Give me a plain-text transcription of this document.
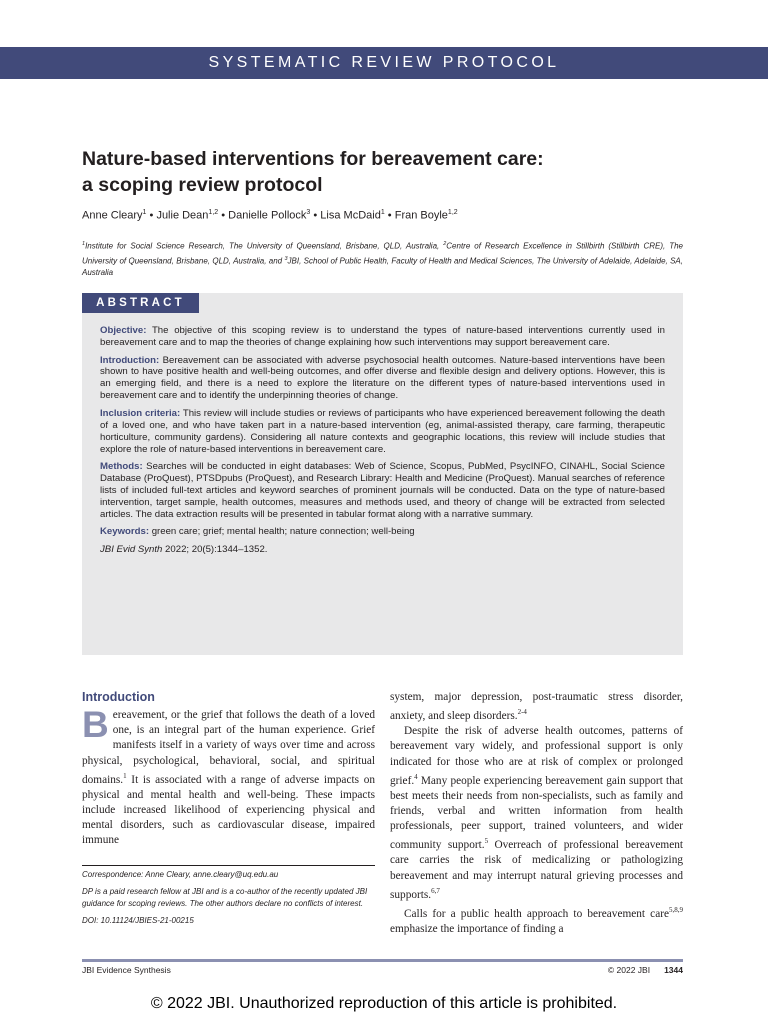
SYSTEMATIC REVIEW PROTOCOL
Nature-based interventions for bereavement care:
a scoping review protocol
Anne Cleary$^1$ • Julie Dean$^{1,2}$ • Danielle Pollock$^3$ • Lisa McDaid$^1$ • Fran Boyle$^{1,2}$
$^1$Institute for Social Science Research, The University of Queensland, Brisbane, QLD, Australia, $^2$Centre of Research Excellence in Stillbirth (Stillbirth CRE), The University of Queensland, Brisbane, QLD, Australia, and $^3$JBI, School of Public Health, Faculty of Health and Medical Sciences, The University of Adelaide, Adelaide, SA, Australia
ABSTRACT

Objective: The objective of this scoping review is to understand the types of nature-based interventions currently used in bereavement care and to map the theories of change explaining how such interventions may support bereavement care.

Introduction: Bereavement can be associated with adverse psychosocial health outcomes. Nature-based interventions have been shown to have positive health and well-being outcomes, and offer diverse and flexible design and delivery options. However, this is an emerging field, and there is a need to explore the literature on the different types of nature-based interventions used in bereavement care and to identify the underpinning theories of change.

Inclusion criteria: This review will include studies or reviews of participants who have experienced bereavement following the death of a loved one, and who have taken part in a nature-based intervention (eg, animal-assisted therapy, care farming, therapeutic horticulture, community gardens). Considering all nature contexts and geographic locations, this review will include studies that explore the role of nature-based interventions in bereavement care.

Methods: Searches will be conducted in eight databases: Web of Science, Scopus, PubMed, PsycINFO, CINAHL, Social Science Database (ProQuest), PTSDpubs (ProQuest), and Research Library: Health and Medicine (ProQuest). Manual searches of reference lists of included full-text articles and keyword searches of prominent journals will be conducted. Data on the type of nature-based intervention, target sample, health outcomes, measures and methods used, and theory of change will be extracted from selected articles. The data extraction results will be presented in tabular format along with a narrative summary.

Keywords: green care; grief; mental health; nature connection; well-being

JBI Evid Synth 2022; 20(5):1344–1352.

Introduction

Bereavement, or the grief that follows the death of a loved one, is an integral part of the human experience. Grief manifests itself in a variety of ways over time and across physical, psychological, behavioral, social, and spiritual domains.$^1$ It is associated with a range of adverse impacts on physical and mental health and well-being. These impacts include increased likelihood of experiencing physical and mental disorders, such as cardiovascular disease, impaired immune

Correspondence: Anne Cleary, anne.cleary@uq.edu.au

DP is a paid research fellow at JBI and is a co-author of the recently updated JBI guidance for scoping reviews. The other authors declare no conflicts of interest.

DOI: 10.11124/JBIES-21-00215

system, major depression, post-traumatic stress disorder, anxiety, and sleep disorders.$^{2-4}$

Despite the risk of adverse health outcomes, patterns of bereavement vary widely, and professional support is only indicated for those who are at risk of complex or prolonged grief.$^4$ Many people experiencing bereavement gain support that best meets their needs from non-specialists, such as family and friends, verbal and written information from health professionals, peer support, trained volunteers, and wider community support.$^5$ Overreach of professional bereavement care carries the risk of medicalizing or pathologizing bereavement and may interrupt natural grieving processes and supports.$^{6,7}$

Calls for a public health approach to bereavement care$^{5,8,9}$ emphasize the importance of finding a

JBI Evidence Synthesis	© 2022 JBI 1344
© 2022 JBI. Unauthorized reproduction of this article is prohibited.
